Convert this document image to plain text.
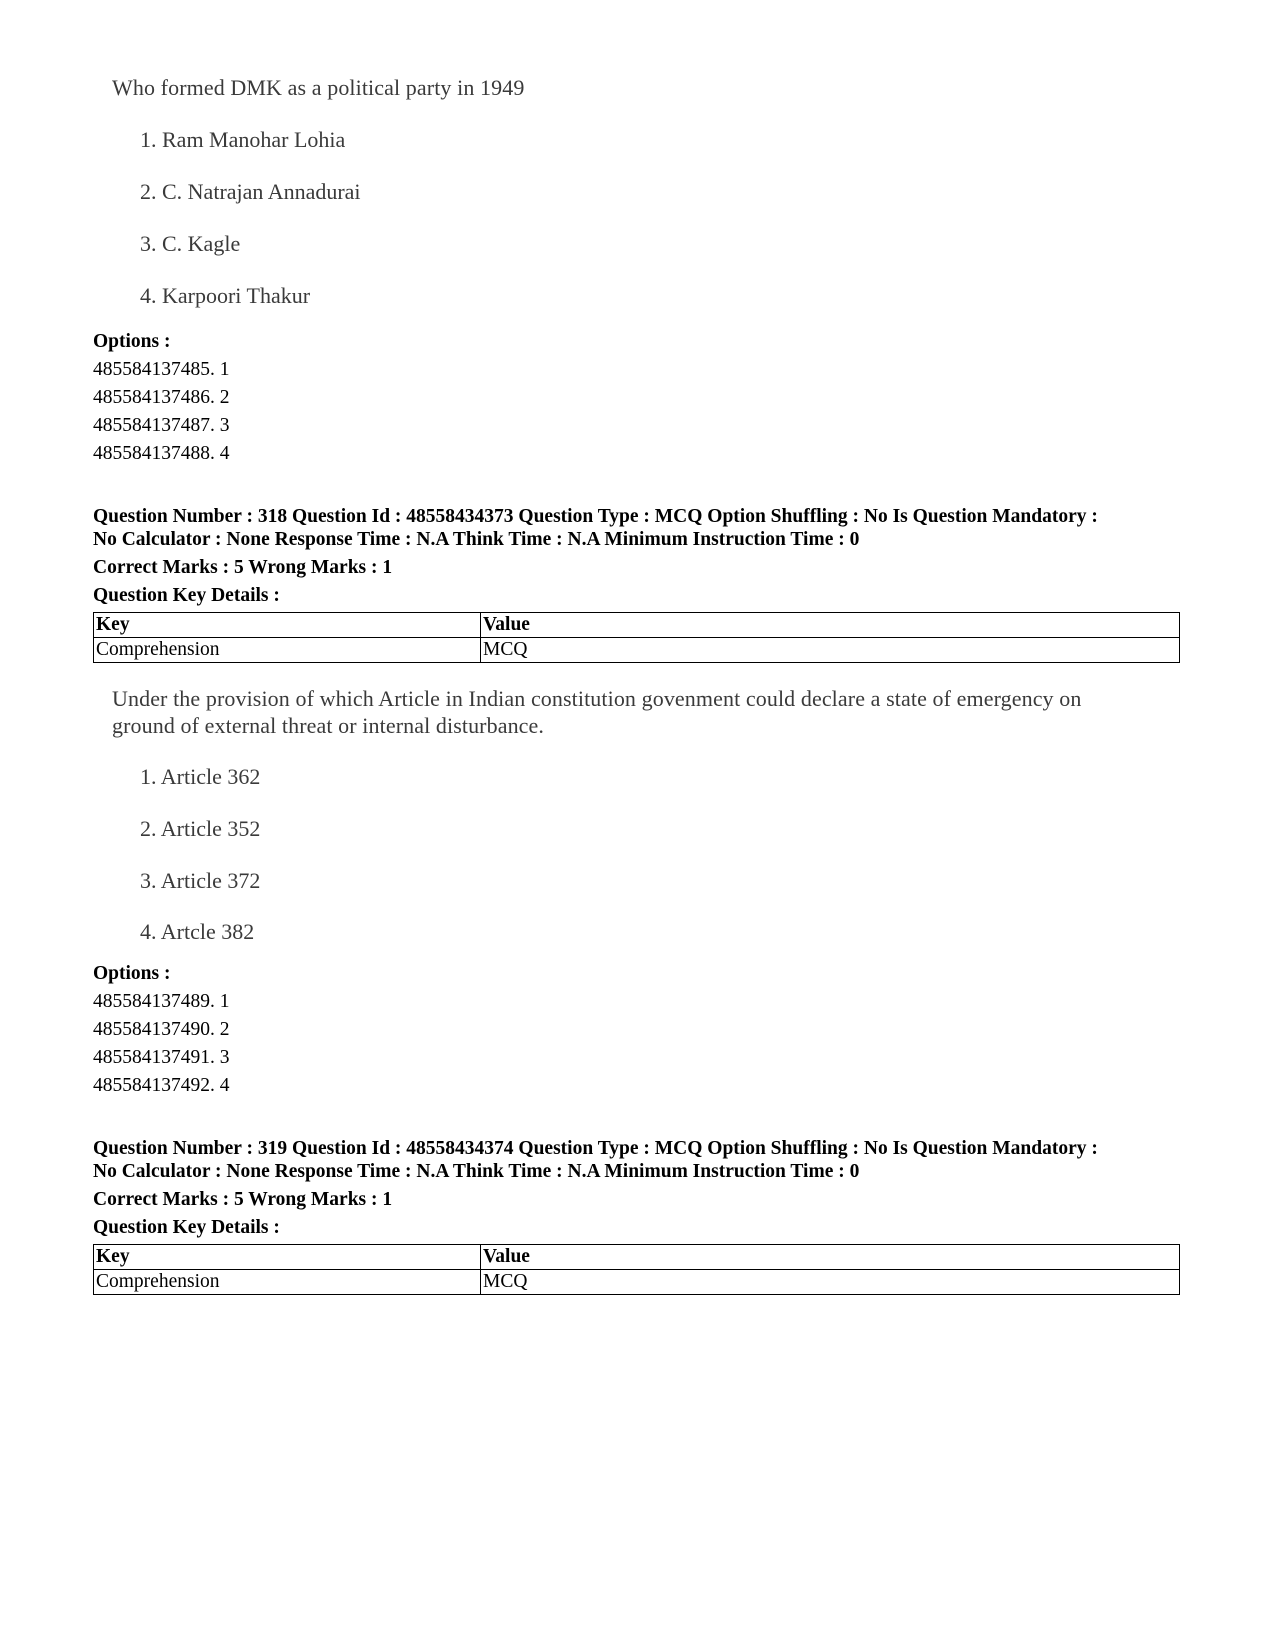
Who formed DMK as a political party in 1949
1. Ram Manohar Lohia
2. C. Natrajan Annadurai
3. C. Kagle
4. Karpoori Thakur
Options :
485584137485. 1
485584137486. 2
485584137487. 3
485584137488. 4
Question Number : 318 Question Id : 48558434373 Question Type : MCQ Option Shuffling : No Is Question Mandatory :
No Calculator : None Response Time : N.A Think Time : N.A Minimum Instruction Time : 0
Correct Marks : 5 Wrong Marks : 1
Question Key Details :
Key	Value
Comprehension	MCQ
Under the provision of which Article in Indian constitution govenment could declare a state of emergency on
ground of external threat or internal disturbance.
1. Article 362
2. Article 352
3. Article 372
4. Artcle 382
Options :
485584137489. 1
485584137490. 2
485584137491. 3
485584137492. 4
Question Number : 319 Question Id : 48558434374 Question Type : MCQ Option Shuffling : No Is Question Mandatory :
No Calculator : None Response Time : N.A Think Time : N.A Minimum Instruction Time : 0
Correct Marks : 5 Wrong Marks : 1
Question Key Details :
Key	Value
Comprehension	MCQ
